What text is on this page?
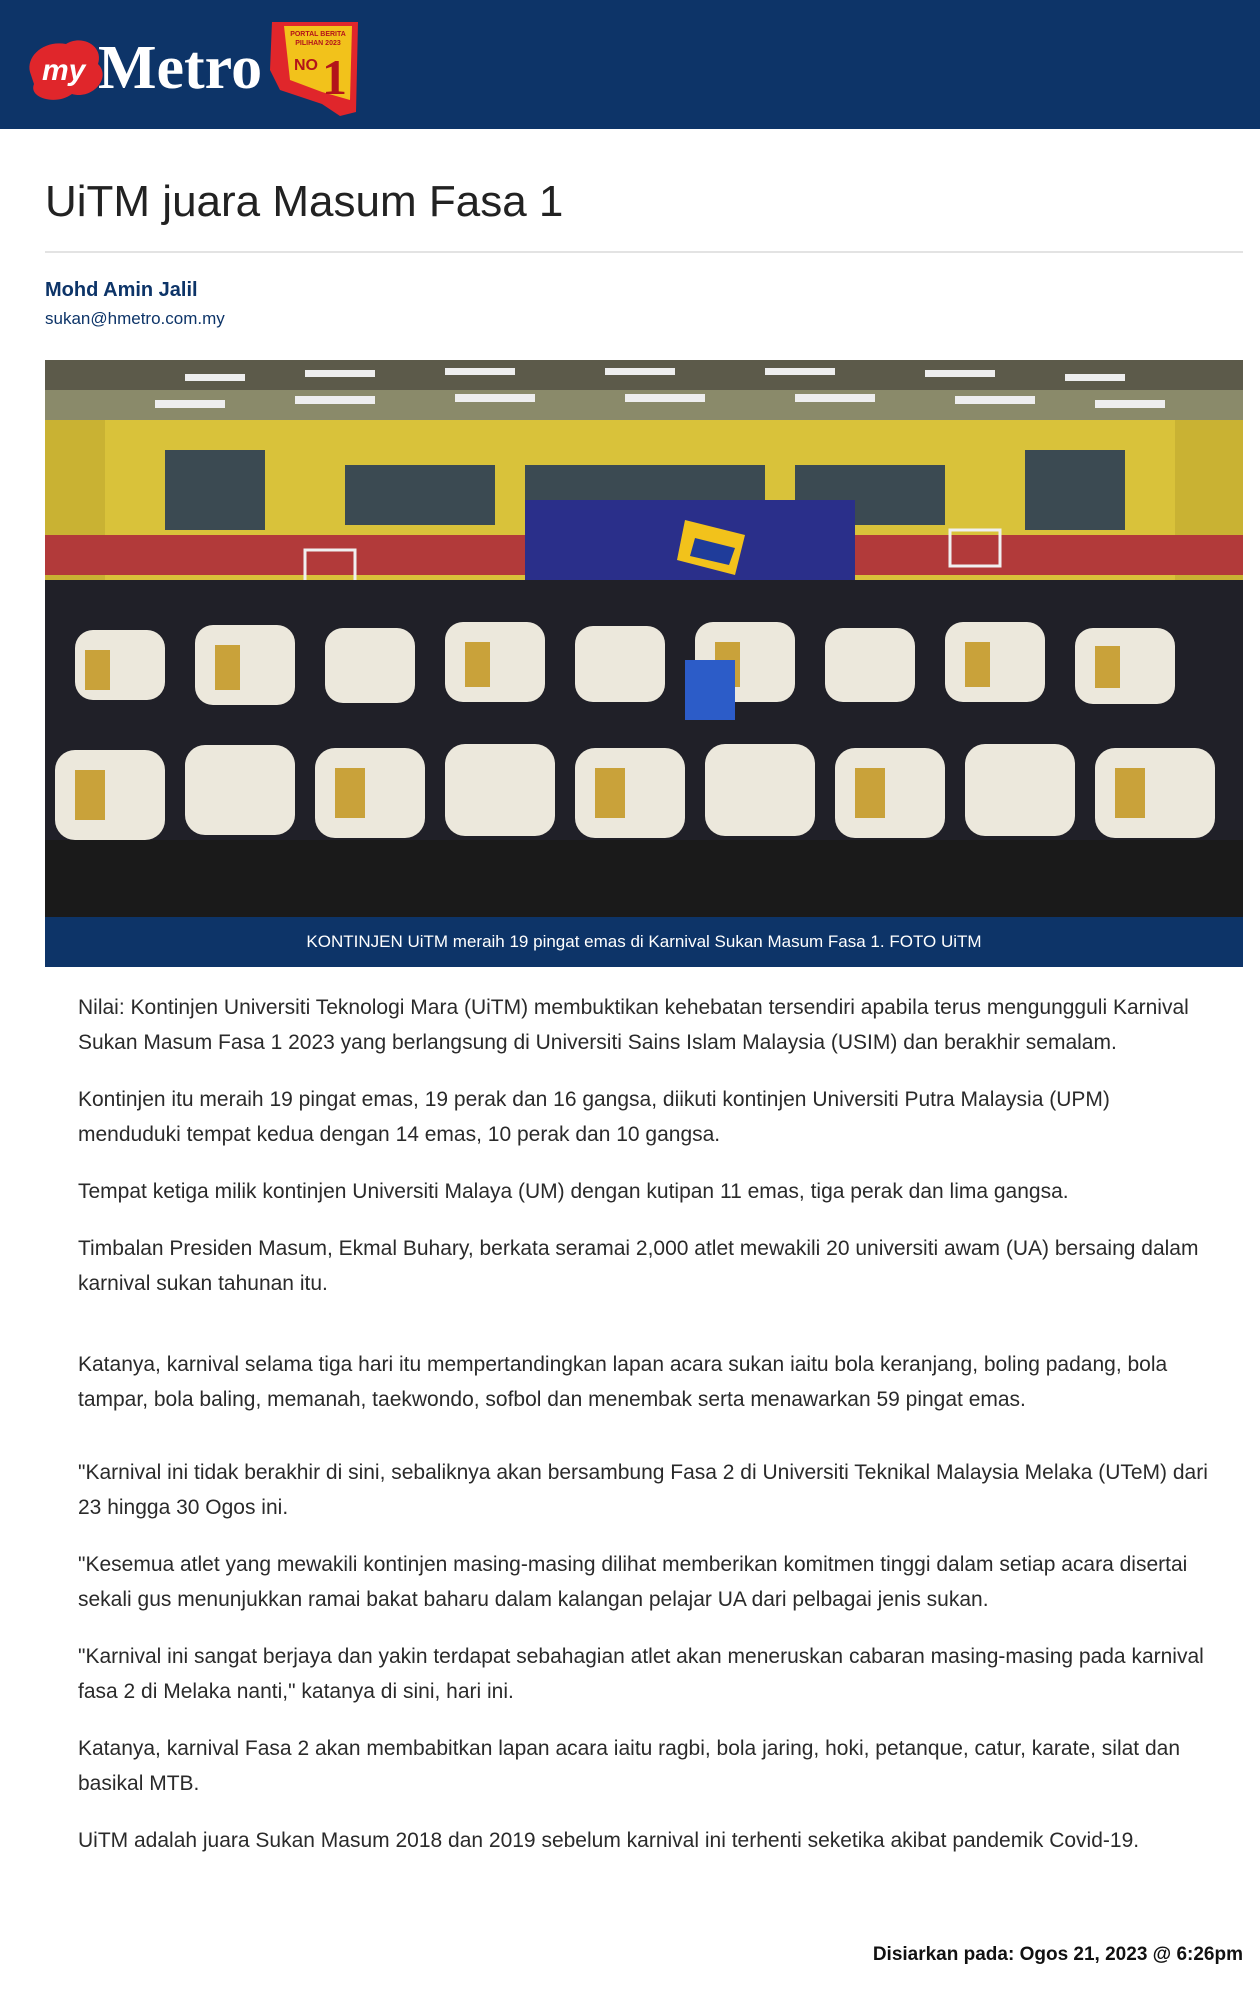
my Metro	PORTAL BERITA
PILIHAN 2023
NO 1
UiTM juara Masum Fasa 1
Mohd Amin Jalil
sukan@hmetro.com.my
KONTINJEN UiTM meraih 19 pingat emas di Karnival Sukan Masum Fasa 1. FOTO UiTM

Nilai: Kontinjen Universiti Teknologi Mara (UiTM) membuktikan kehebatan tersendiri apabila terus mengungguli Karnival Sukan Masum Fasa 1 2023 yang berlangsung di Universiti Sains Islam Malaysia (USIM) dan berakhir semalam.

Kontinjen itu meraih 19 pingat emas, 19 perak dan 16 gangsa, diikuti kontinjen Universiti Putra Malaysia (UPM) menduduki tempat kedua dengan 14 emas, 10 perak dan 10 gangsa.

Tempat ketiga milik kontinjen Universiti Malaya (UM) dengan kutipan 11 emas, tiga perak dan lima gangsa.

Timbalan Presiden Masum, Ekmal Buhary, berkata seramai 2,000 atlet mewakili 20 universiti awam (UA) bersaing dalam karnival sukan tahunan itu.

Katanya, karnival selama tiga hari itu mempertandingkan lapan acara sukan iaitu bola keranjang, boling padang, bola tampar, bola baling, memanah, taekwondo, sofbol dan menembak serta menawarkan 59 pingat emas.

"Karnival ini tidak berakhir di sini, sebaliknya akan bersambung Fasa 2 di Universiti Teknikal Malaysia Melaka (UTeM) dari 23 hingga 30 Ogos ini.

"Kesemua atlet yang mewakili kontinjen masing-masing dilihat memberikan komitmen tinggi dalam setiap acara disertai sekali gus menunjukkan ramai bakat baharu dalam kalangan pelajar UA dari pelbagai jenis sukan.

"Karnival ini sangat berjaya dan yakin terdapat sebahagian atlet akan meneruskan cabaran masing-masing pada karnival fasa 2 di Melaka nanti," katanya di sini, hari ini.

Katanya, karnival Fasa 2 akan membabitkan lapan acara iaitu ragbi, bola jaring, hoki, petanque, catur, karate, silat dan basikal MTB.

UiTM adalah juara Sukan Masum 2018 dan 2019 sebelum karnival ini terhenti seketika akibat pandemik Covid-19.

Disiarkan pada: Ogos 21, 2023 @ 6:26pm
